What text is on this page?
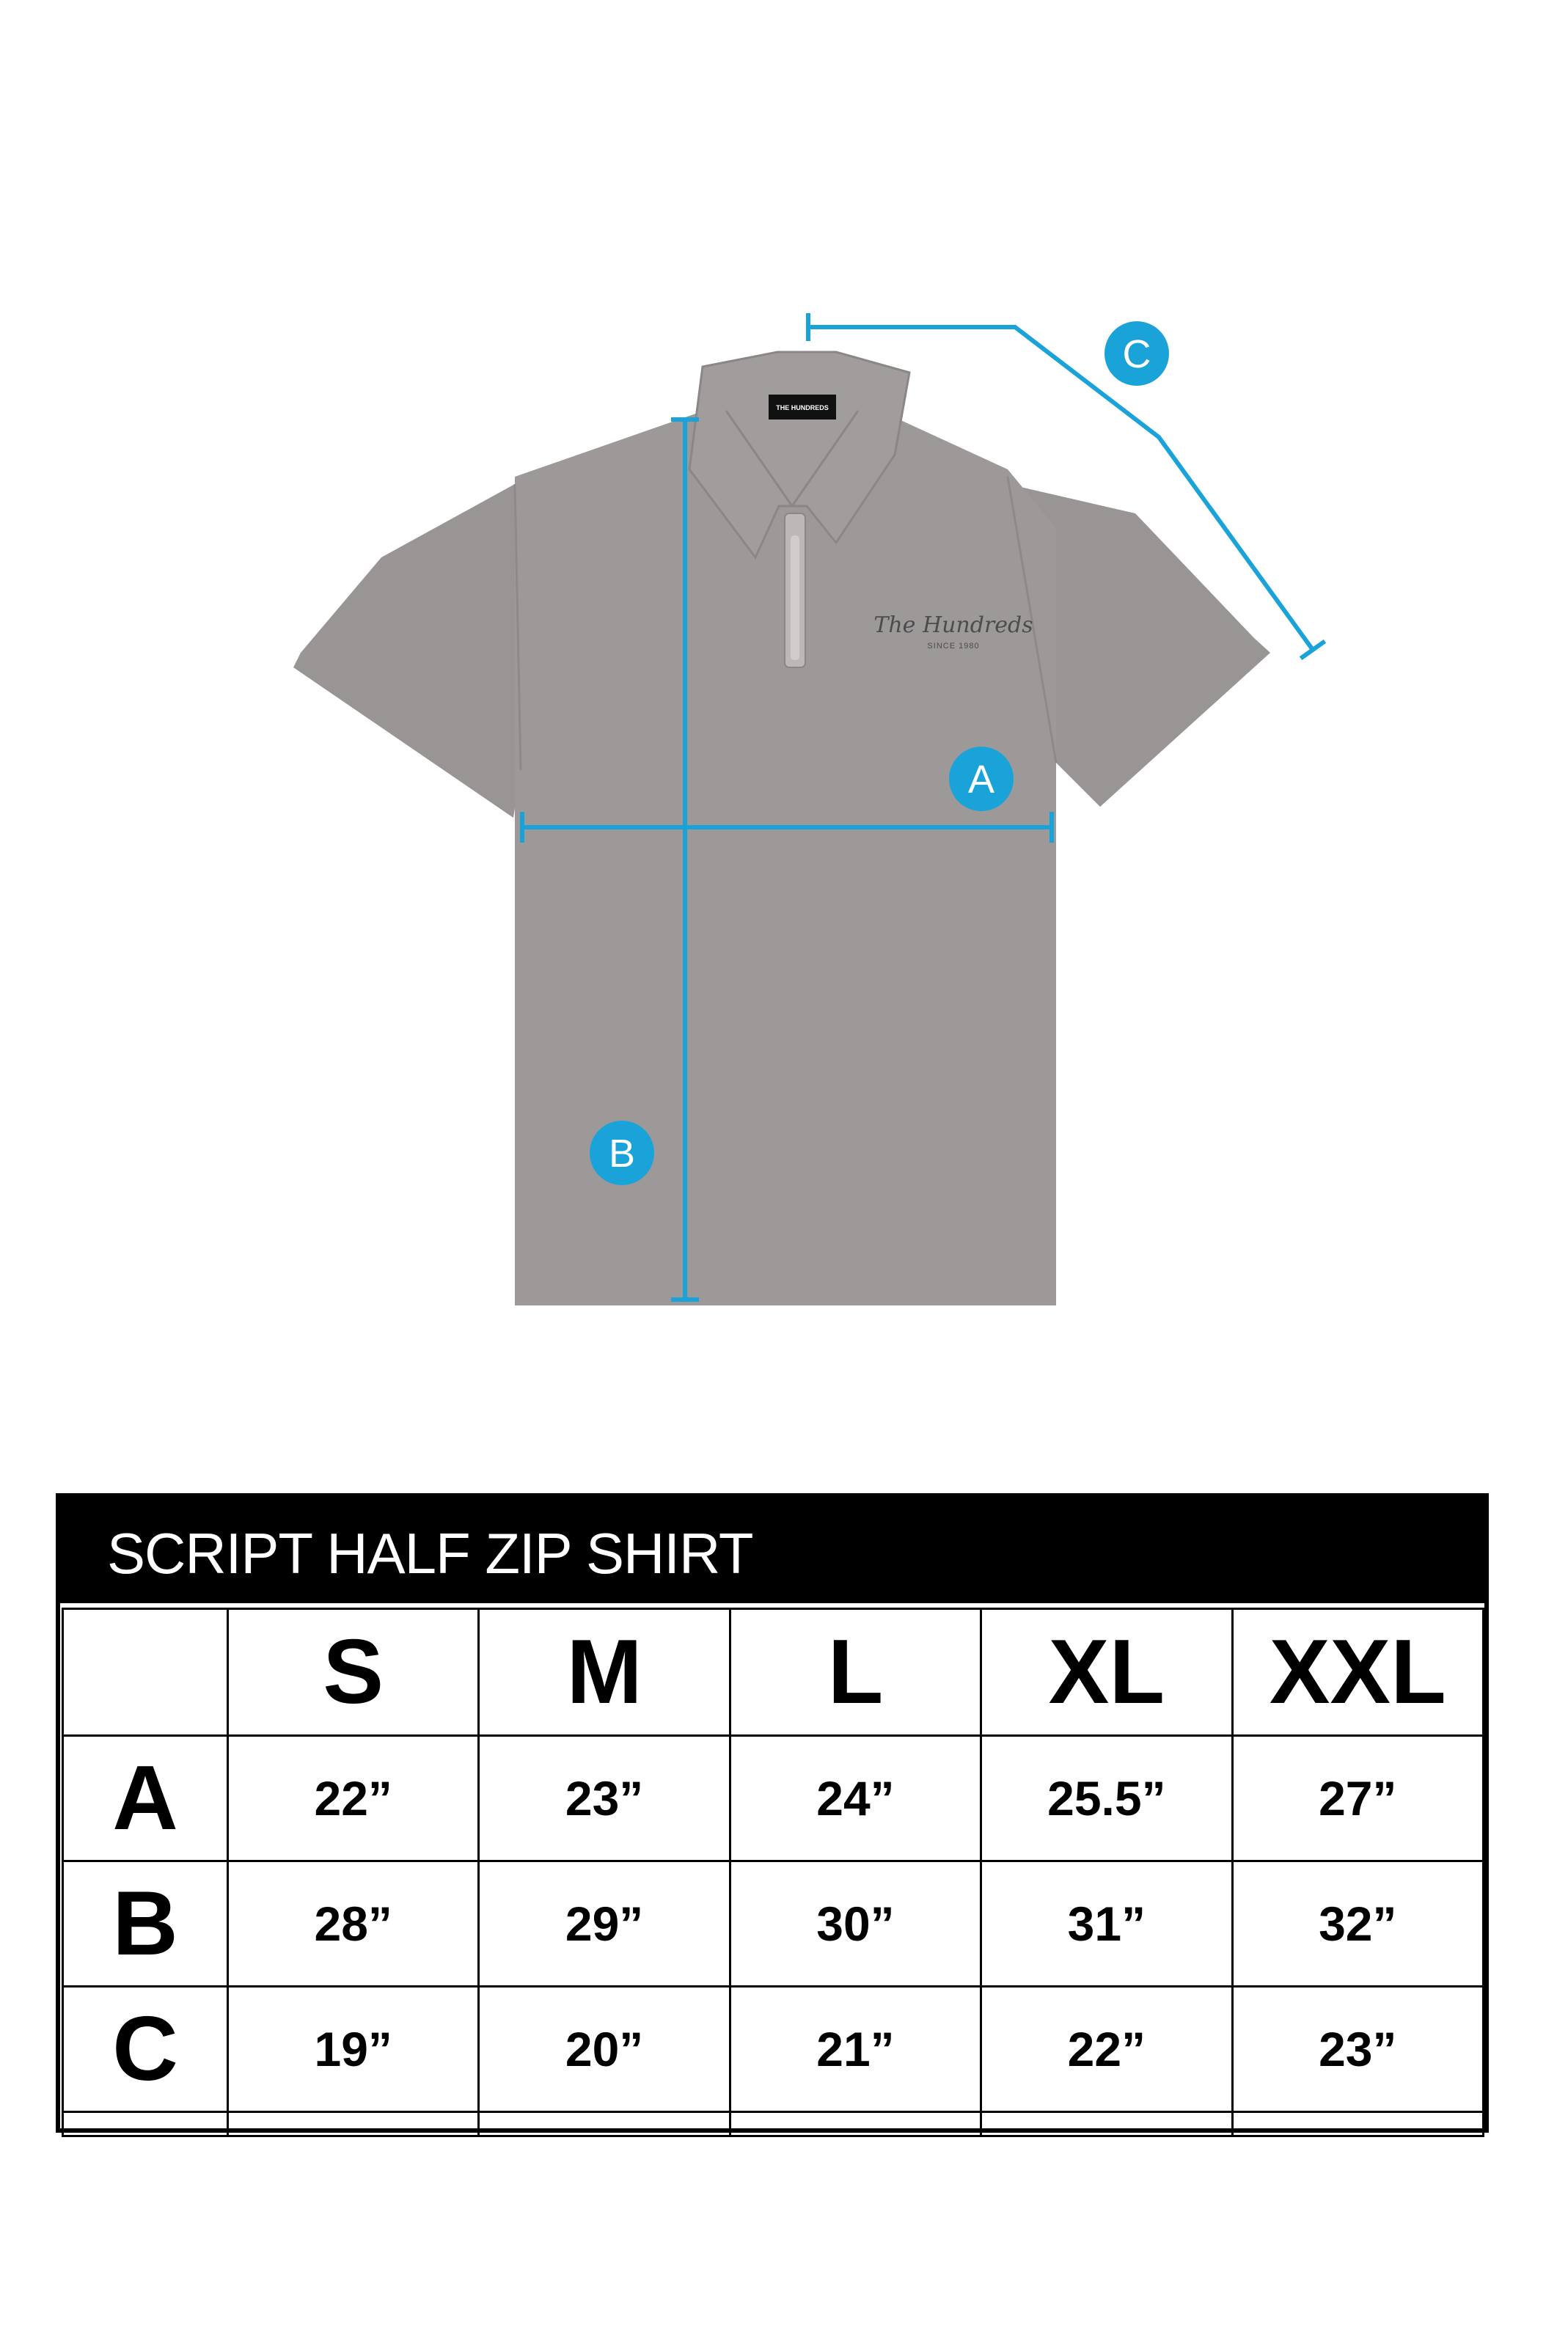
THE HUNDREDS
The Hundreds
SINCE 1980
A
B
C
SCRIPT HALF ZIP SHIRT
	S	M	L	XL	XXL
A	22”	23”	24”	25.5”	27”
B	28”	29”	30”	31”	32”
C	19”	20”	21”	22”	23”
